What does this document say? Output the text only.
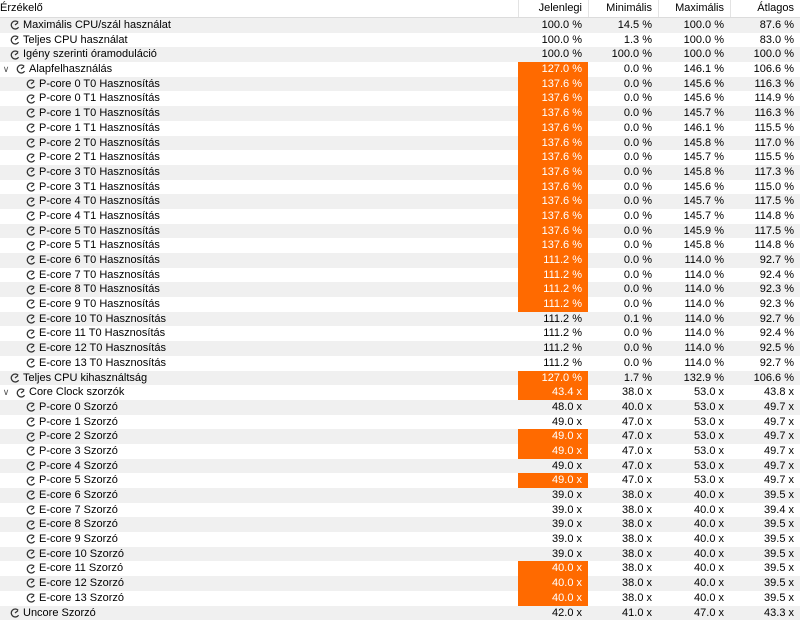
Érzékelő	Jelenlegi	Minimális	Maximális	Átlagos
Maximális CPU/szál használat	100.0 %	14.5 %	100.0 %	87.6 %
Teljes CPU használat	100.0 %	1.3 %	100.0 %	83.0 %
Igény szerinti óramoduláció	100.0 %	100.0 %	100.0 %	100.0 %
∨ Alapfelhasználás	127.0 %	0.0 %	146.1 %	106.6 %
P-core 0 T0 Hasznosítás	137.6 %	0.0 %	145.6 %	116.3 %
P-core 0 T1 Hasznosítás	137.6 %	0.0 %	145.6 %	114.9 %
P-core 1 T0 Hasznosítás	137.6 %	0.0 %	145.7 %	116.3 %
P-core 1 T1 Hasznosítás	137.6 %	0.0 %	146.1 %	115.5 %
P-core 2 T0 Hasznosítás	137.6 %	0.0 %	145.8 %	117.0 %
P-core 2 T1 Hasznosítás	137.6 %	0.0 %	145.7 %	115.5 %
P-core 3 T0 Hasznosítás	137.6 %	0.0 %	145.8 %	117.3 %
P-core 3 T1 Hasznosítás	137.6 %	0.0 %	145.6 %	115.0 %
P-core 4 T0 Hasznosítás	137.6 %	0.0 %	145.7 %	117.5 %
P-core 4 T1 Hasznosítás	137.6 %	0.0 %	145.7 %	114.8 %
P-core 5 T0 Hasznosítás	137.6 %	0.0 %	145.9 %	117.5 %
P-core 5 T1 Hasznosítás	137.6 %	0.0 %	145.8 %	114.8 %
E-core 6 T0 Hasznosítás	111.2 %	0.0 %	114.0 %	92.7 %
E-core 7 T0 Hasznosítás	111.2 %	0.0 %	114.0 %	92.4 %
E-core 8 T0 Hasznosítás	111.2 %	0.0 %	114.0 %	92.3 %
E-core 9 T0 Hasznosítás	111.2 %	0.0 %	114.0 %	92.3 %
E-core 10 T0 Hasznosítás	111.2 %	0.1 %	114.0 %	92.7 %
E-core 11 T0 Hasznosítás	111.2 %	0.0 %	114.0 %	92.4 %
E-core 12 T0 Hasznosítás	111.2 %	0.0 %	114.0 %	92.5 %
E-core 13 T0 Hasznosítás	111.2 %	0.0 %	114.0 %	92.7 %
Teljes CPU kihasználtság	127.0 %	1.7 %	132.9 %	106.6 %
∨ Core Clock szorzók	43.4 x	38.0 x	53.0 x	43.8 x
P-core 0 Szorzó	48.0 x	40.0 x	53.0 x	49.7 x
P-core 1 Szorzó	49.0 x	47.0 x	53.0 x	49.7 x
P-core 2 Szorzó	49.0 x	47.0 x	53.0 x	49.7 x
P-core 3 Szorzó	49.0 x	47.0 x	53.0 x	49.7 x
P-core 4 Szorzó	49.0 x	47.0 x	53.0 x	49.7 x
P-core 5 Szorzó	49.0 x	47.0 x	53.0 x	49.7 x
E-core 6 Szorzó	39.0 x	38.0 x	40.0 x	39.5 x
E-core 7 Szorzó	39.0 x	38.0 x	40.0 x	39.4 x
E-core 8 Szorzó	39.0 x	38.0 x	40.0 x	39.5 x
E-core 9 Szorzó	39.0 x	38.0 x	40.0 x	39.5 x
E-core 10 Szorzó	39.0 x	38.0 x	40.0 x	39.5 x
E-core 11 Szorzó	40.0 x	38.0 x	40.0 x	39.5 x
E-core 12 Szorzó	40.0 x	38.0 x	40.0 x	39.5 x
E-core 13 Szorzó	40.0 x	38.0 x	40.0 x	39.5 x
Uncore Szorzó	42.0 x	41.0 x	47.0 x	43.3 x
